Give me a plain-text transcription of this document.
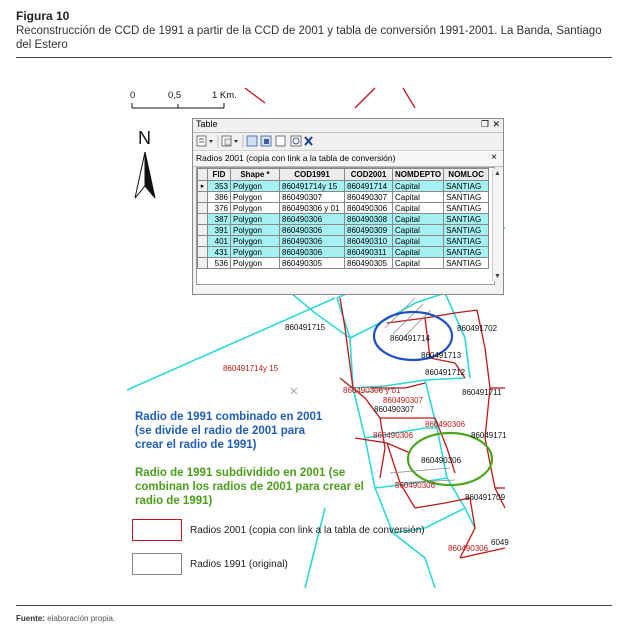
Figura 10
Reconstrucción de CCD de 1991 a partir de la CCD de 2001 y tabla de conversión 1991-2001. La Banda, Santiago del Estero
0	0,5	1 Km.
N
Table	❐ ✕
Radios 2001 (copia con link a la tabla de conversión)	×
	FID	Shape *	COD1991	COD2001	NOMDEPTO	NOMLOC
▸	353	Polygon	860491714y 15	860491714	Capital	SANTIAG
	386	Polygon	860490307	860490307	Capital	SANTIAG
	376	Polygon	860490306 y 01	860490306	Capital	SANTIAG
	387	Polygon	860490306	860490308	Capital	SANTIAG
	391	Polygon	860490306	860490309	Capital	SANTIAG
	401	Polygon	860490306	860490310	Capital	SANTIAG
	431	Polygon	860490306	860490311	Capital	SANTIAG
	536	Polygon	860490305	860490305	Capital	SANTIAG
▲
▼
860491715
860491714
860491702
860491713
860491712
860491714y 15
860491711
860490306 y 01
860490307
860490307
860490306
860490306
86049171
860490306
860490306
860491709
860490306
6049
Radio de 1991 combinado en 2001 (se divide el radio de 2001 para crear el radio de 1991)
Radio de 1991 subdividido en 2001 (se combinan los radios de 2001 para crear el radio de 1991)
Radios 2001 (copia con link a la tabla de conversión)
Radios 1991 (original)
Fuente: elaboración propia.
